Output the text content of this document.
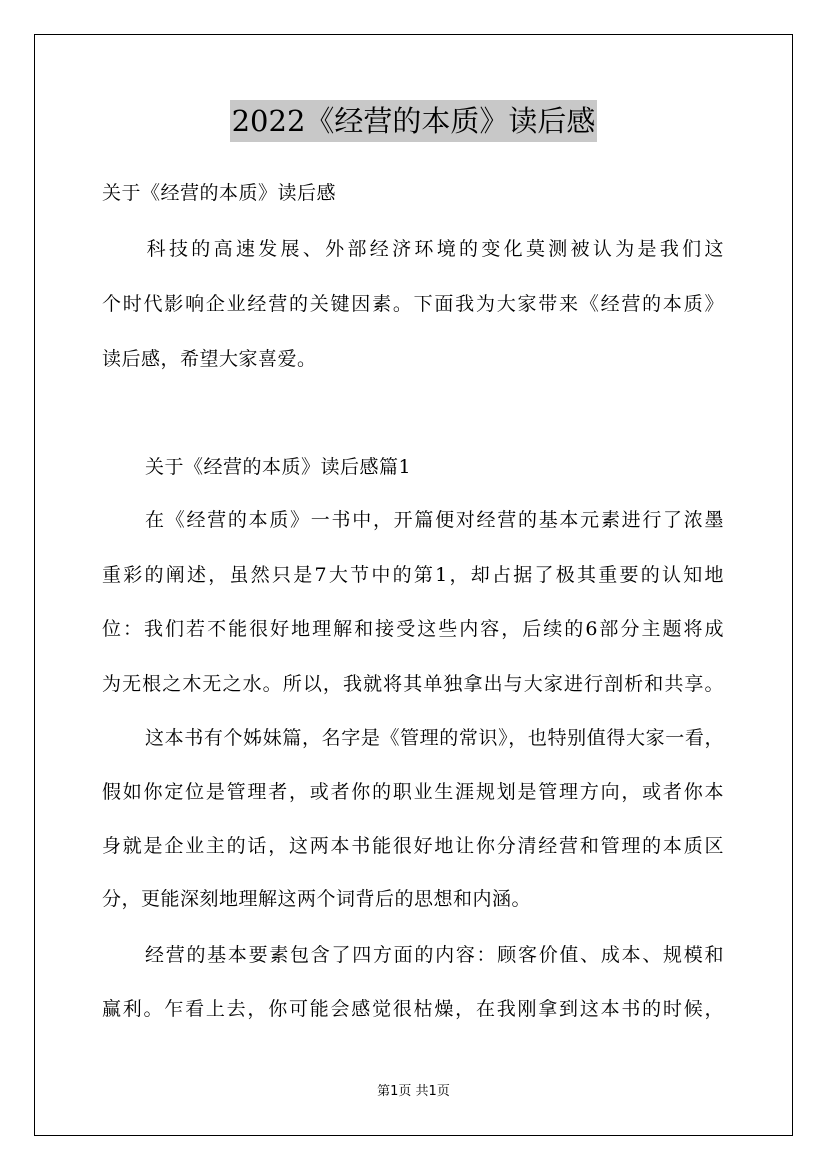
2022《经营的本质》读后感
关于《经营的本质》读后感
　　科技的高速发展、外部经济环境的变化莫测被认为是我们这
个时代影响企业经营的关键因素。下面我为大家带来《经营的本质》
读后感，希望大家喜爱。
关于《经营的本质》读后感篇1
在《经营的本质》一书中，开篇便对经营的基本元素进行了浓墨
重彩的阐述，虽然只是7大节中的第1，却占据了极其重要的认知地
位：我们若不能很好地理解和接受这些内容，后续的6部分主题将成
为无根之木无之水。所以，我就将其单独拿出与大家进行剖析和共享。
这本书有个姊妹篇，名字是《管理的常识》，也特别值得大家一看，
假如你定位是管理者，或者你的职业生涯规划是管理方向，或者你本
身就是企业主的话，这两本书能很好地让你分清经营和管理的本质区
分，更能深刻地理解这两个词背后的思想和内涵。
经营的基本要素包含了四方面的内容：顾客价值、成本、规模和
赢利。乍看上去，你可能会感觉很枯燥，在我刚拿到这本书的时候，
第1页 共1页
